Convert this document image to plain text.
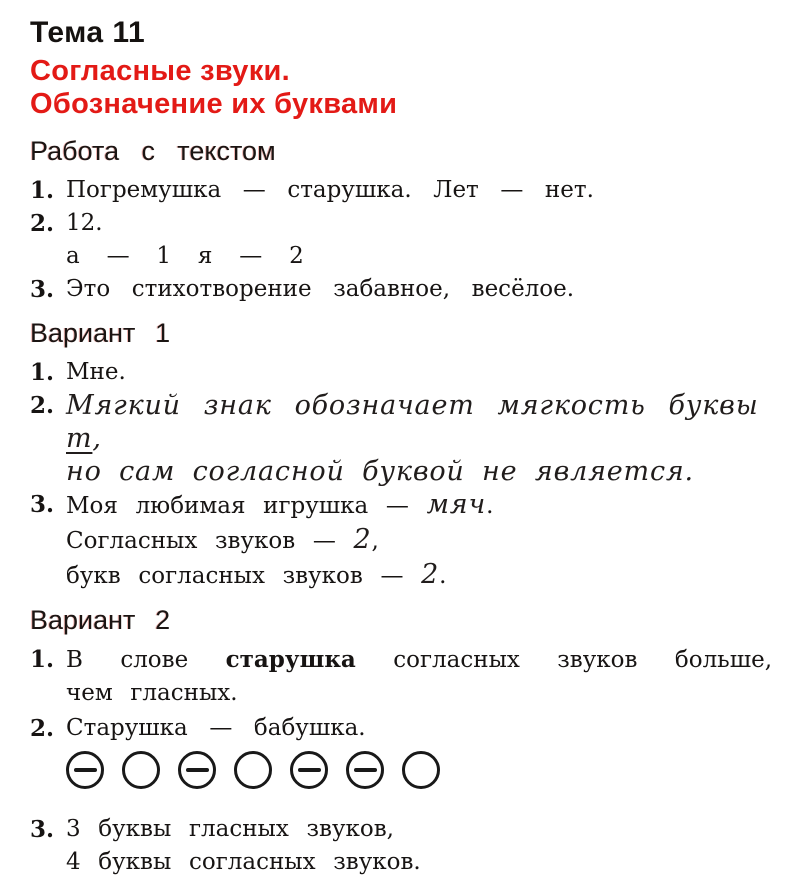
Тема 11
Согласные звуки.
Обозначение их буквами
Работа с текстом
1. Погремушка — старушка. Лет — нет.
2. 12.
а — 1 я — 2
3. Это стихотворение забавное, весёлое.
Вариант 1
1. Мне.
2. Мягкий знак обозначает мягкость буквы т,
но сам согласной буквой не является.
3. Моя любимая игрушка — мяч.
Согласных звуков — 2,
букв согласных звуков — 2.
Вариант 2
1. В слове старушка согласных звуков больше,
чем гласных.
2. Старушка — бабушка.
3. 3 буквы гласных звуков,
4 буквы согласных звуков.
